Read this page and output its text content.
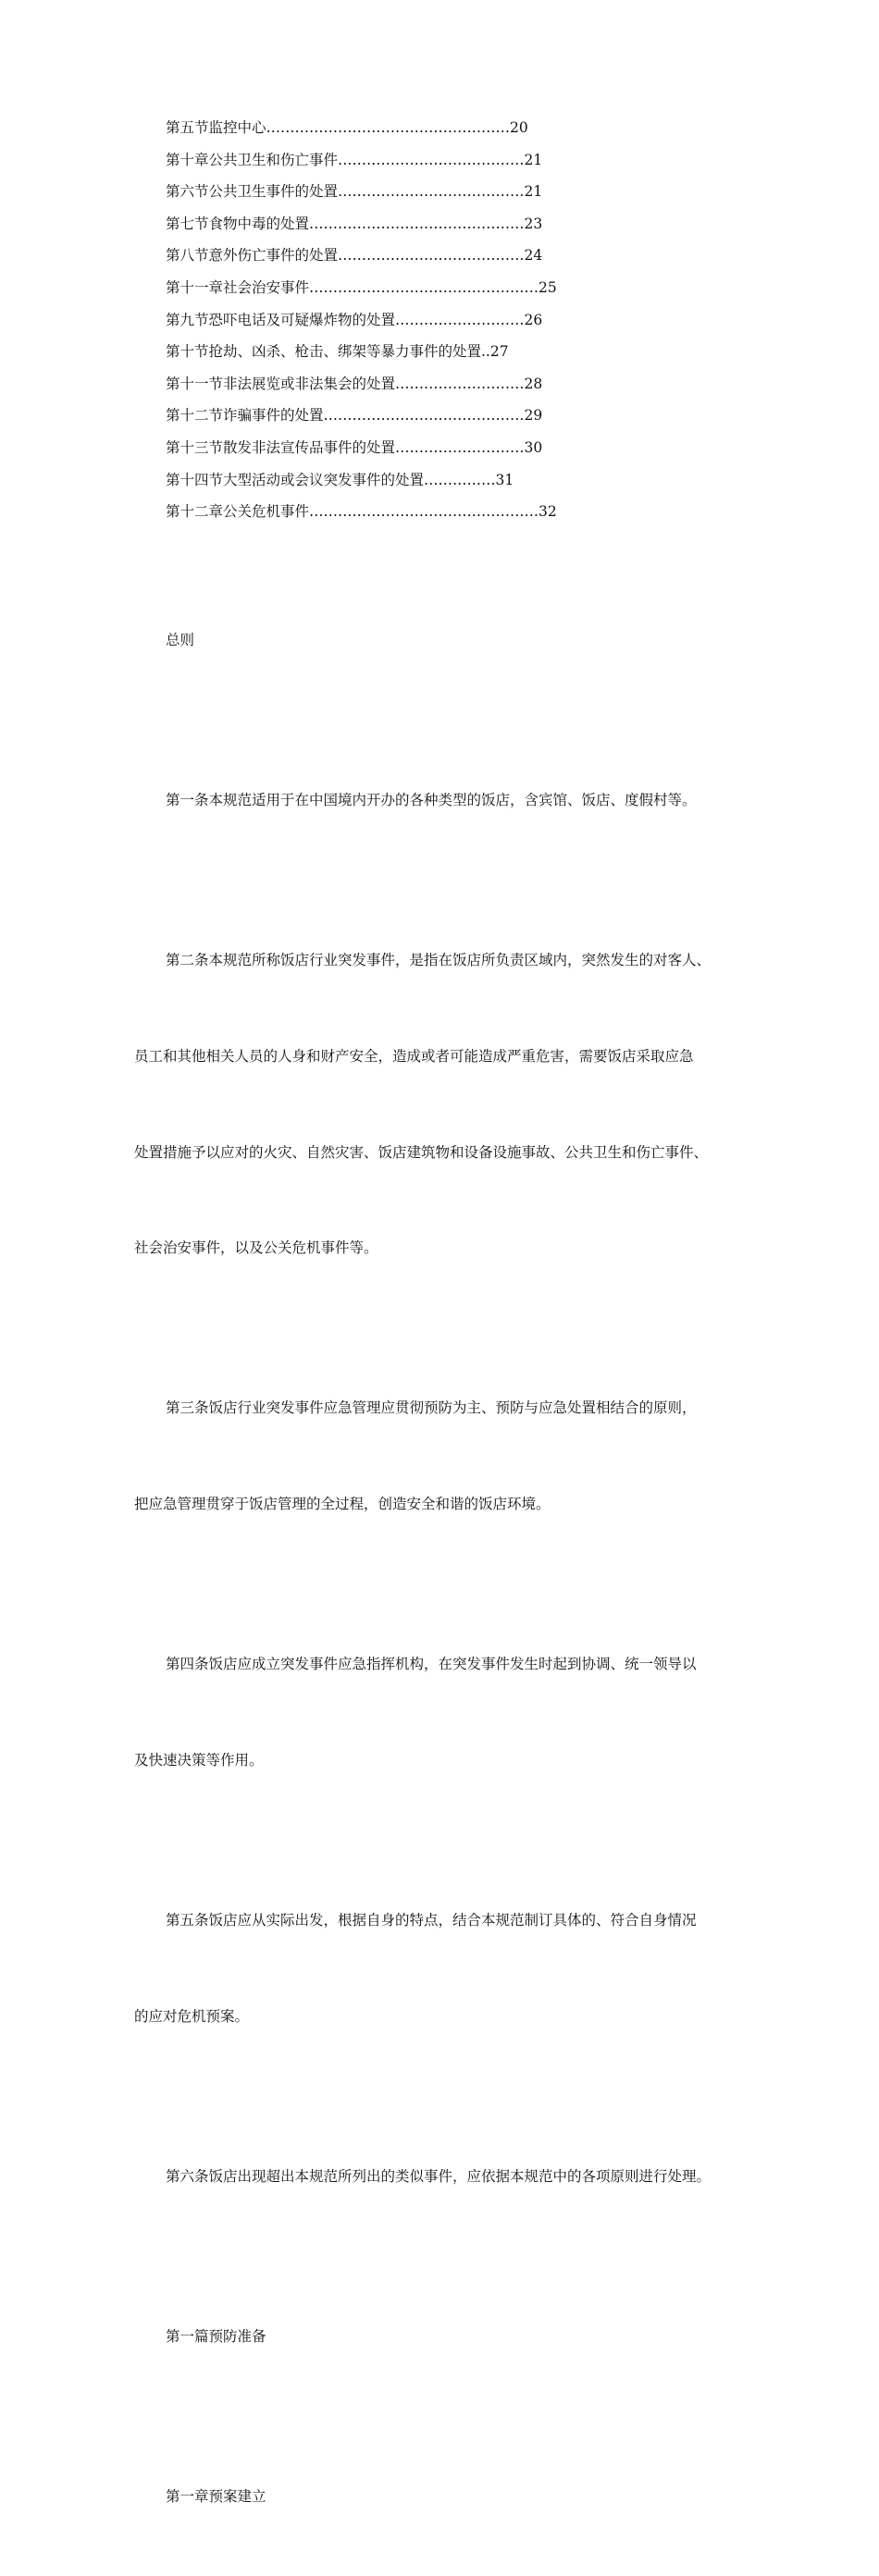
第五节监控中心……………………………………………20
第十章公共卫生和伤亡事件…………………………………21
第六节公共卫生事件的处置…………………………………21
第七节食物中毒的处置………………………………………23
第八节意外伤亡事件的处置…………………………………24
第十一章社会治安事件…………………………………………25
第九节恐吓电话及可疑爆炸物的处置………………………26
第十节抢劫、凶杀、枪击、绑架等暴力事件的处置..27
第十一节非法展览或非法集会的处置………………………28
第十二节诈骗事件的处置……………………………………29
第十三节散发非法宣传品事件的处置………………………30
第十四节大型活动或会议突发事件的处置……………31
第十二章公关危机事件…………………………………………32

总则

第一条本规范适用于在中国境内开办的各种类型的饭店，含宾馆、饭店、度假村等。

第二条本规范所称饭店行业突发事件，是指在饭店所负责区域内，突然发生的对客人、

员工和其他相关人员的人身和财产安全，造成或者可能造成严重危害，需要饭店采取应急

处置措施予以应对的火灾、自然灾害、饭店建筑物和设备设施事故、公共卫生和伤亡事件、

社会治安事件，以及公关危机事件等。

第三条饭店行业突发事件应急管理应贯彻预防为主、预防与应急处置相结合的原则，

把应急管理贯穿于饭店管理的全过程，创造安全和谐的饭店环境。

第四条饭店应成立突发事件应急指挥机构，在突发事件发生时起到协调、统一领导以

及快速决策等作用。

第五条饭店应从实际出发，根据自身的特点，结合本规范制订具体的、符合自身情况

的应对危机预案。

第六条饭店出现超出本规范所列出的类似事件，应依据本规范中的各项原则进行处理。

第一篇预防准备

第一章预案建立
